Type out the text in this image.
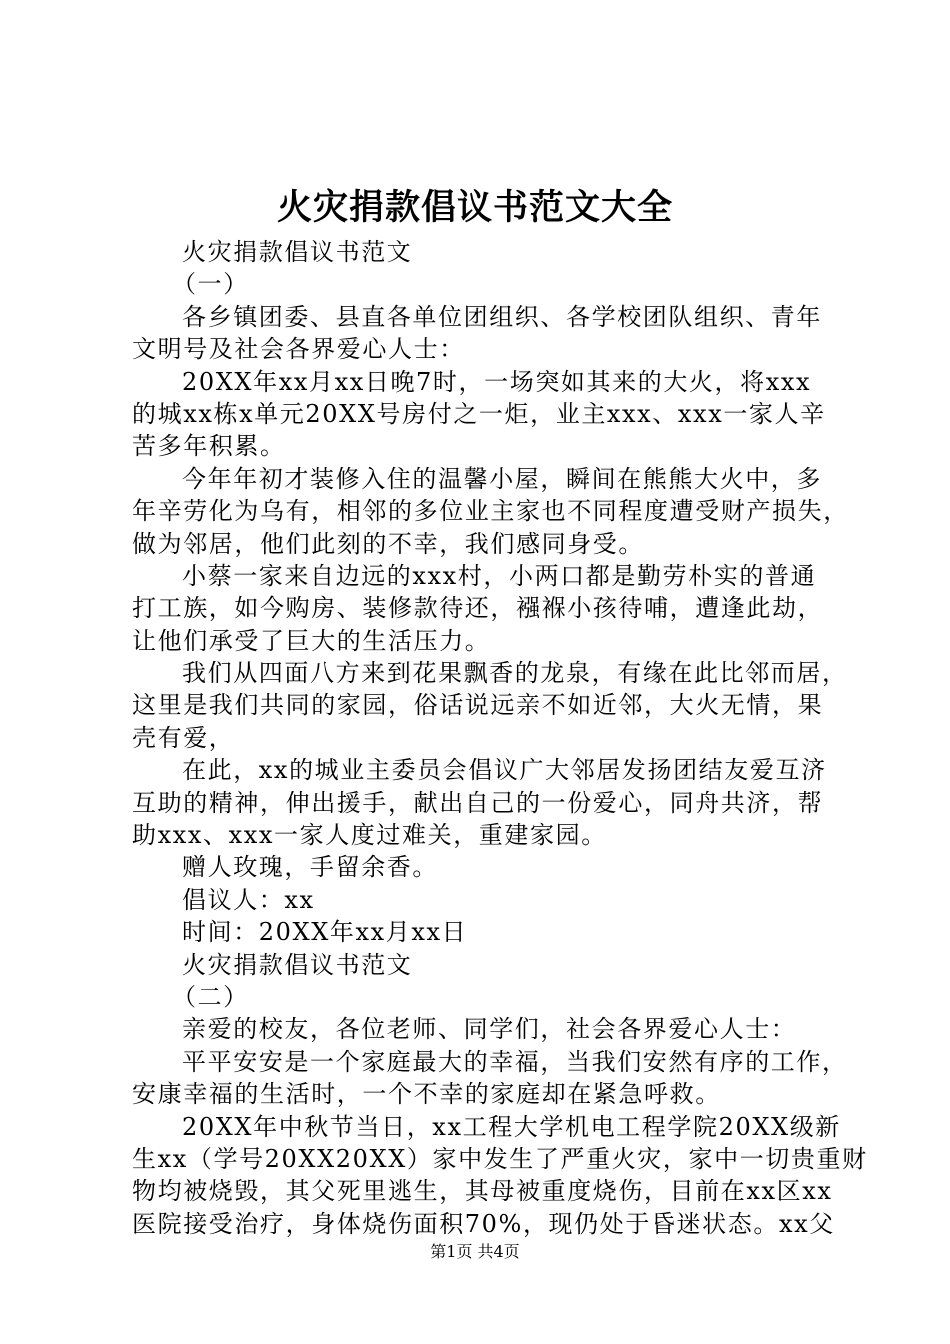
火灾捐款倡议书范文大全
火灾捐款倡议书范文
（一）
各乡镇团委、县直各单位团组织、各学校团队组织、青年
文明号及社会各界爱心人士：
20XX年xx月xx日晚7时，一场突如其来的大火，将xxx
的城xx栋x单元20XX号房付之一炬，业主xxx、xxx一家人辛
苦多年积累。
今年年初才装修入住的温馨小屋，瞬间在熊熊大火中，多
年辛劳化为乌有，相邻的多位业主家也不同程度遭受财产损失，
做为邻居，他们此刻的不幸，我们感同身受。
小蔡一家来自边远的xxx村，小两口都是勤劳朴实的普通
打工族，如今购房、装修款待还，襁褓小孩待哺，遭逢此劫，
让他们承受了巨大的生活压力。
我们从四面八方来到花果飘香的龙泉，有缘在此比邻而居，
这里是我们共同的家园，俗话说远亲不如近邻，大火无情，果
壳有爱，
在此，xx的城业主委员会倡议广大邻居发扬团结友爱互济
互助的精神，伸出援手，献出自己的一份爱心，同舟共济，帮
助xxx、xxx一家人度过难关，重建家园。
赠人玫瑰，手留余香。
倡议人：xx
时间：20XX年xx月xx日
火灾捐款倡议书范文
（二）
亲爱的校友，各位老师、同学们，社会各界爱心人士：
平平安安是一个家庭最大的幸福，当我们安然有序的工作，
安康幸福的生活时，一个不幸的家庭却在紧急呼救。
20XX年中秋节当日，xx工程大学机电工程学院20XX级新
生xx（学号20XX20XX）家中发生了严重火灾，家中一切贵重财
物均被烧毁，其父死里逃生，其母被重度烧伤，目前在xx区xx
医院接受治疗，身体烧伤面积70%，现仍处于昏迷状态。xx父
第1页 共4页
